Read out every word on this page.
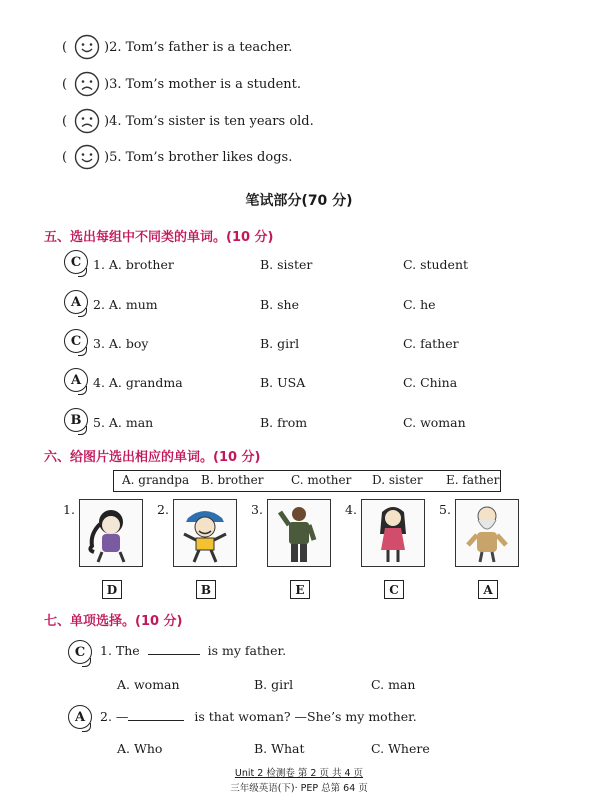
(	)2. Tom’s father is a teacher.
(	)3. Tom’s mother is a student.
(	)4. Tom’s sister is ten years old.
(	)5. Tom’s brother likes dogs.
笔试部分(70 分)
五、选出每组中不同类的单词。(10 分)
C 1. A. brother	B. sister	C. student
A 2. A. mum	B. she	C. he
C 3. A. boy	B. girl	C. father
A 4. A. grandma	B. USA	C. China
B 5. A. man	B. from	C. woman
六、给图片选出相应的单词。(10 分)
A. grandpa B. brother C. mother D. sister E. father
1.
D
2.
B
3.
E
4.
C
5.
A
七、单项选择。(10 分)
C	1. The	is my father.
A. woman	B. girl	C. man
A	2. —	is that woman? —She’s my mother.
A. Who	B. What	C. Where
Unit 2 检测卷 第 2 页 共 4 页
三年级英语(下)· PEP 总第 64 页
